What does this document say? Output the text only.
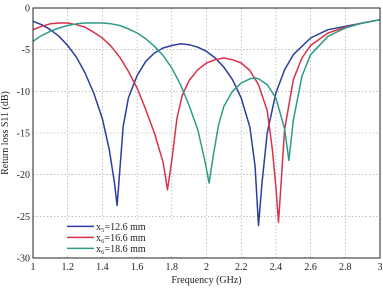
1	1.2 1.4 1.6 1.8	2	2.2 2.4 2.6 2.8	3
0
-5
-10
-15
-20
-25
-30
Frequency (GHz)
Return loss S11 (dB)
x₅=12.6 mm
x₆=16.6 mm
x₆=18.6 mm
